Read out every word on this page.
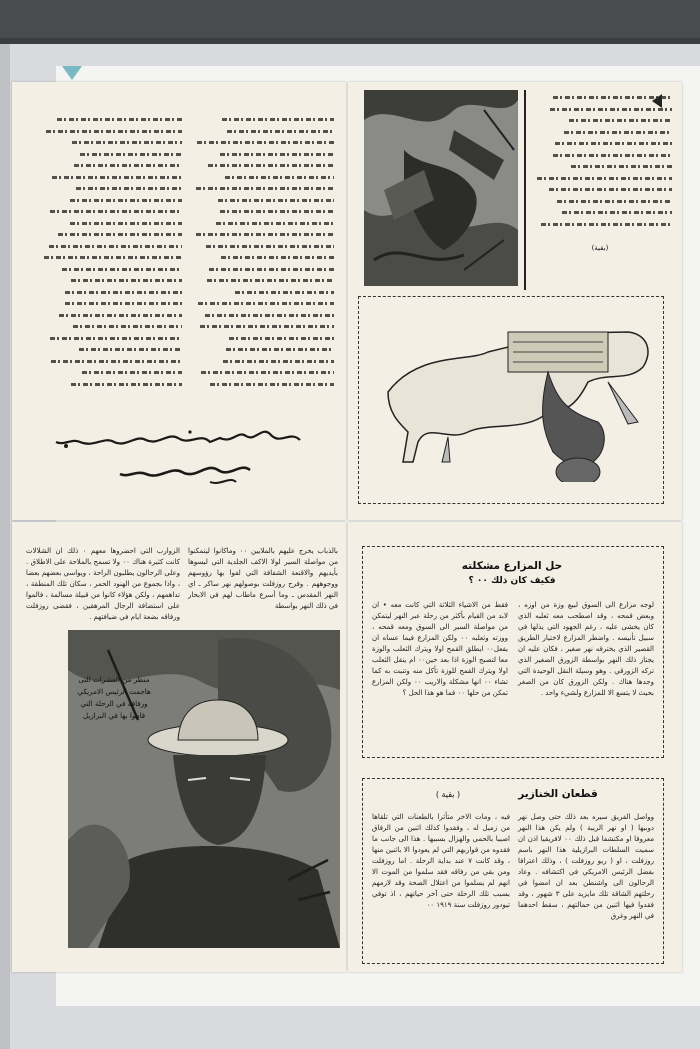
(بقية)
بالذباب يخرج عليهم بالملايين ٠٠ وماكانوا ليتمكنوا من مواصلة السير لولا الاكف الجلدية التي لبسوها بأيديهم والاقنعة الشفافة التي لفوا بها رؤوسهم ووجوههم . وفرح روزفلت بوصولهم نهر ساكر ـ اي النهر المقدس ـ وما أسرع ماطاب لهم في الابحار في ذلك النهر بواسطة
الزوارب التي احضروها معهم ٠ ذلك ان الشلالات كانت كثيرة هناك ٠٠ ولا تسمح بالملاحة على الاطلاق . وعلى الرحالون يطلبون الراحة ، ويواسي بعضهم بعضا ، واذا بجموع من الهنود الحمر ، سكان تلك المنطقة ، تداهمهم ، ولكن هؤلاء كانوا من قبيلة مسالمة ، فالموا على استضافة الرجال المرهقين ، فقضى روزفلت ورفاقه بضعة ايام في ضيافتهم .
منظر من العشرات التى هاجمت الرئيس الامريكي ورفاقه في الرحلة التي قاموا بها في البرازيل
حل المزارع مشكلته
فكيف كان ذلك ٠٠ ؟
لوجه مزارع الى السوق لبيع وزة من اوزه ، وبعض قمحه ، وقد اصطحب معه ثعلبه الذي كان يخشى عليه ، رغم الجهود التي يذلها في سبيل تأنيسه . واضطر المزارع لاختيار الطريق القصير الذي يخترقه نهر صغير ، فكان عليه ان يجتاز ذلك النهر بواسطة الزورق الصغير الذي تركه الزورقي . وهو وسيلة النقل الوحيدة التي وجدها هناك . ولكن الزورق كان من الصغر بحيث لا يتسع الا للمزارع ولشيء واحد .
فقط من الاشياء الثلاثة التي كانت معه • ان لابد من القيام بأكثر من رحلة عبر النهر ليتمكن من مواصلة السير الى السوق ومعه قمحه ، ووزته وثعلبه ٠٠ ولكن المزارع فيما عساه ان يفعل٠٠ ايطلق القمح اولا ويترك الثعلب والوزة معا لتصبح الوزة اذا بعد حين٠٠ ام ينقل الثعلب اولا ويترك القمح للوزة تأكل منه وتنبت به كما تشاء ٠٠ انها مشكلة والاريب ٠٠ ولكن المزارع تمكن من حلها ٠٠ فما هو هذا الحل ؟
قطعان الخنازير
( بقية )
وواصل الفريق سيره بعد ذلك حتى وصل نهر دوبيها ( او نهر الريبة ) ولم يكن هذا النهر معروفا او مكتشفا قبل ذلك ٠٠ لافريقيا اذن ان سميت السلطات البرازيلية هذا النهر باسم روزفلت ، او ( ريو روزفلت ) ، وذلك اعترافا بفضل الرئيس الامريكي في اكتشافه . وعاد الرحالون الى واشنطن بعد ان امضوا في رحلتهم الشاقة تلك مايزيد على ٣ شهور ، وقد فقدوا فيها اثنين من حمالتهم ، سقط احدهما في النهر وغرق
فيه ، ومات الاخر متأثرا بالطعنات التي تلقاها من زميل له ، وفقدوا كذلك اثنين من الرفاق اصيبا بالحمى والهزال بسببها . هذا الى جانب ما فقدوه من قواربهم التي لم يعودوا الا باثنين منها ، وقد كانت ٧ عند بداية الرحلة . اما روزفلت ومن بقي من رفاقه فقد سلموا من الموت الا انهم لم يسلموا من اعتلال الصحة وقد لازمهم بسبب تلك الرحلة حتى آخر حياتهم ، اذ توفي تيودور روزفلت سنة ١٩١٩ ٠٠
